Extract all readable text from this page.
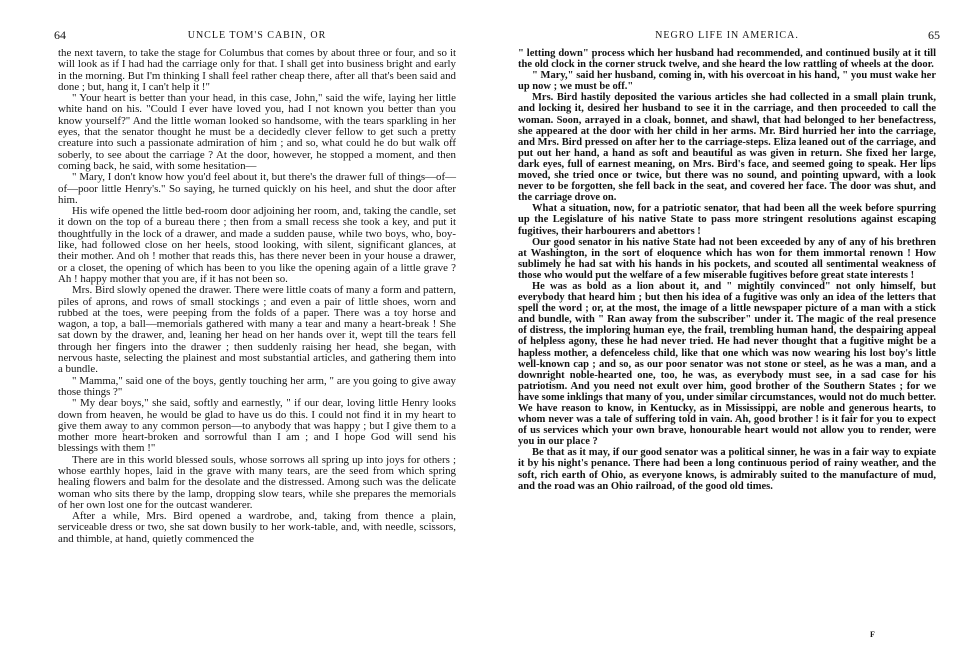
64	UNCLE TOM'S CABIN, OR

the next tavern, to take the stage for Columbus that comes by about three or four, and so it will look as if I had had the carriage only for that. I shall get into business bright and early in the morning. But I'm thinking I shall feel rather cheap there, after all that's been said and done ; but, hang it, I can't help it !"

" Your heart is better than your head, in this case, John," said the wife, laying her little white hand on his. "Could I ever have loved you, had I not known you better than you know yourself?" And the little woman looked so handsome, with the tears sparkling in her eyes, that the senator thought he must be a decidedly clever fellow to get such a pretty creature into such a passionate admiration of him ; and so, what could he do but walk off soberly, to see about the carriage ? At the door, however, he stopped a moment, and then coming back, he said, with some hesitation—

" Mary, I don't know how you'd feel about it, but there's the drawer full of things—of—of—poor little Henry's." So saying, he turned quickly on his heel, and shut the door after him.

His wife opened the little bed-room door adjoining her room, and, taking the candle, set it down on the top of a bureau there ; then from a small recess she took a key, and put it thoughtfully in the lock of a drawer, and made a sudden pause, while two boys, who, boy-like, had followed close on her heels, stood looking, with silent, significant glances, at their mother. And oh ! mother that reads this, has there never been in your house a drawer, or a closet, the opening of which has been to you like the opening again of a little grave ? Ah ! happy mother that you are, if it has not been so.

Mrs. Bird slowly opened the drawer. There were little coats of many a form and pattern, piles of aprons, and rows of small stockings ; and even a pair of little shoes, worn and rubbed at the toes, were peeping from the folds of a paper. There was a toy horse and wagon, a top, a ball—memorials gathered with many a tear and many a heart-break ! She sat down by the drawer, and, leaning her head on her hands over it, wept till the tears fell through her fingers into the drawer ; then suddenly raising her head, she began, with nervous haste, selecting the plainest and most substantial articles, and gathering them into a bundle.

" Mamma," said one of the boys, gently touching her arm, " are you going to give away those things ?"

" My dear boys," she said, softly and earnestly, " if our dear, loving little Henry looks down from heaven, he would be glad to have us do this. I could not find it in my heart to give them away to any common person—to anybody that was happy ; but I give them to a mother more heart-broken and sorrowful than I am ; and I hope God will send his blessings with them !"

There are in this world blessed souls, whose sorrows all spring up into joys for others ; whose earthly hopes, laid in the grave with many tears, are the seed from which spring healing flowers and balm for the desolate and the distressed. Among such was the delicate woman who sits there by the lamp, dropping slow tears, while she prepares the memorials of her own lost one for the outcast wanderer.

After a while, Mrs. Bird opened a wardrobe, and, taking from thence a plain, serviceable dress or two, she sat down busily to her work-table, and, with needle, scissors, and thimble, at hand, quietly commenced the

NEGRO LIFE IN AMERICA.	65

" letting down" process which her husband had recommended, and continued busily at it till the old clock in the corner struck twelve, and she heard the low rattling of wheels at the door.

" Mary," said her husband, coming in, with his overcoat in his hand, " you must wake her up now ; we must be off."

Mrs. Bird hastily deposited the various articles she had collected in a small plain trunk, and locking it, desired her husband to see it in the carriage, and then proceeded to call the woman. Soon, arrayed in a cloak, bonnet, and shawl, that had belonged to her benefactress, she appeared at the door with her child in her arms. Mr. Bird hurried her into the carriage, and Mrs. Bird pressed on after her to the carriage-steps. Eliza leaned out of the carriage, and put out her hand, a hand as soft and beautiful as was given in return. She fixed her large, dark eyes, full of earnest meaning, on Mrs. Bird's face, and seemed going to speak. Her lips moved, she tried once or twice, but there was no sound, and pointing upward, with a look never to be forgotten, she fell back in the seat, and covered her face. The door was shut, and the carriage drove on.

What a situation, now, for a patriotic senator, that had been all the week before spurring up the Legislature of his native State to pass more stringent resolutions against escaping fugitives, their harbourers and abettors !

Our good senator in his native State had not been exceeded by any of any of his brethren at Washington, in the sort of eloquence which has won for them immortal renown ! How sublimely he had sat with his hands in his pockets, and scouted all sentimental weakness of those who would put the welfare of a few miserable fugitives before great state interests !

He was as bold as a lion about it, and " mightily convinced" not only himself, but everybody that heard him ; but then his idea of a fugitive was only an idea of the letters that spell the word ; or, at the most, the image of a little newspaper picture of a man with a stick and bundle, with " Ran away from the subscriber" under it. The magic of the real presence of distress, the imploring human eye, the frail, trembling human hand, the despairing appeal of helpless agony, these he had never tried. He had never thought that a fugitive might be a hapless mother, a defenceless child, like that one which was now wearing his lost boy's little well-known cap ; and so, as our poor senator was not stone or steel, as he was a man, and a downright noble-hearted one, too, he was, as everybody must see, in a sad case for his patriotism. And you need not exult over him, good brother of the Southern States ; for we have some inklings that many of you, under similar circumstances, would not do much better. We have reason to know, in Kentucky, as in Mississippi, are noble and generous hearts, to whom never was a tale of suffering told in vain. Ah, good brother ! is it fair for you to expect of us services which your own brave, honourable heart would not allow you to render, were you in our place ?

Be that as it may, if our good senator was a political sinner, he was in a fair way to expiate it by his night's penance. There had been a long continuous period of rainy weather, and the soft, rich earth of Ohio, as everyone knows, is admirably suited to the manufacture of mud, and the road was an Ohio railroad, of the good old times.

F
